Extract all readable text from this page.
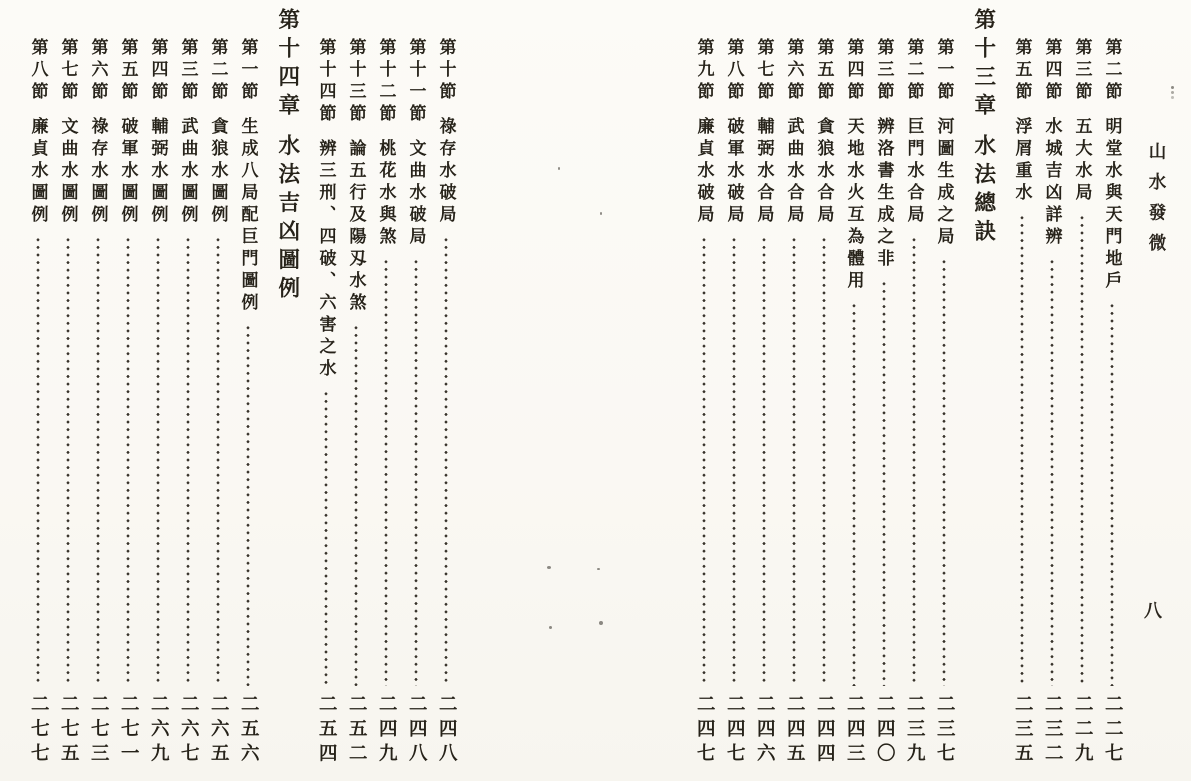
山水發微
八
第二節
明堂水與天門地戶
二二七
第三節
五大水局
二二九
第四節
水城吉凶詳辨
二三二
第五節
浮屑重水
二三五
第十三章
水法總訣
第一節
河圖生成之局
二三七
第二節
巨門水合局
二三九
第三節
辨洛書生成之非
二四〇
第四節
天地水火互為體用
二四三
第五節
貪狼水合局
二四四
第六節
武曲水合局
二四五
第七節
輔弼水合局
二四六
第八節
破軍水破局
二四七
第九節
廉貞水破局
二四七
第十節
祿存水破局
二四八
第十一節
文曲水破局
二四八
第十二節
桃花水與煞
二四九
第十三節
論五行及陽刄水煞
二五二
第十四節
辨三刑、四破、六害之水
二五四
第十四章
水法吉凶圖例
第一節
生成八局配巨門圖例
二五六
第二節
貪狼水圖例
二六五
第三節
武曲水圖例
二六七
第四節
輔弼水圖例
二六九
第五節
破軍水圖例
二七一
第六節
祿存水圖例
二七三
第七節
文曲水圖例
二七五
第八節
廉貞水圖例
二七七
